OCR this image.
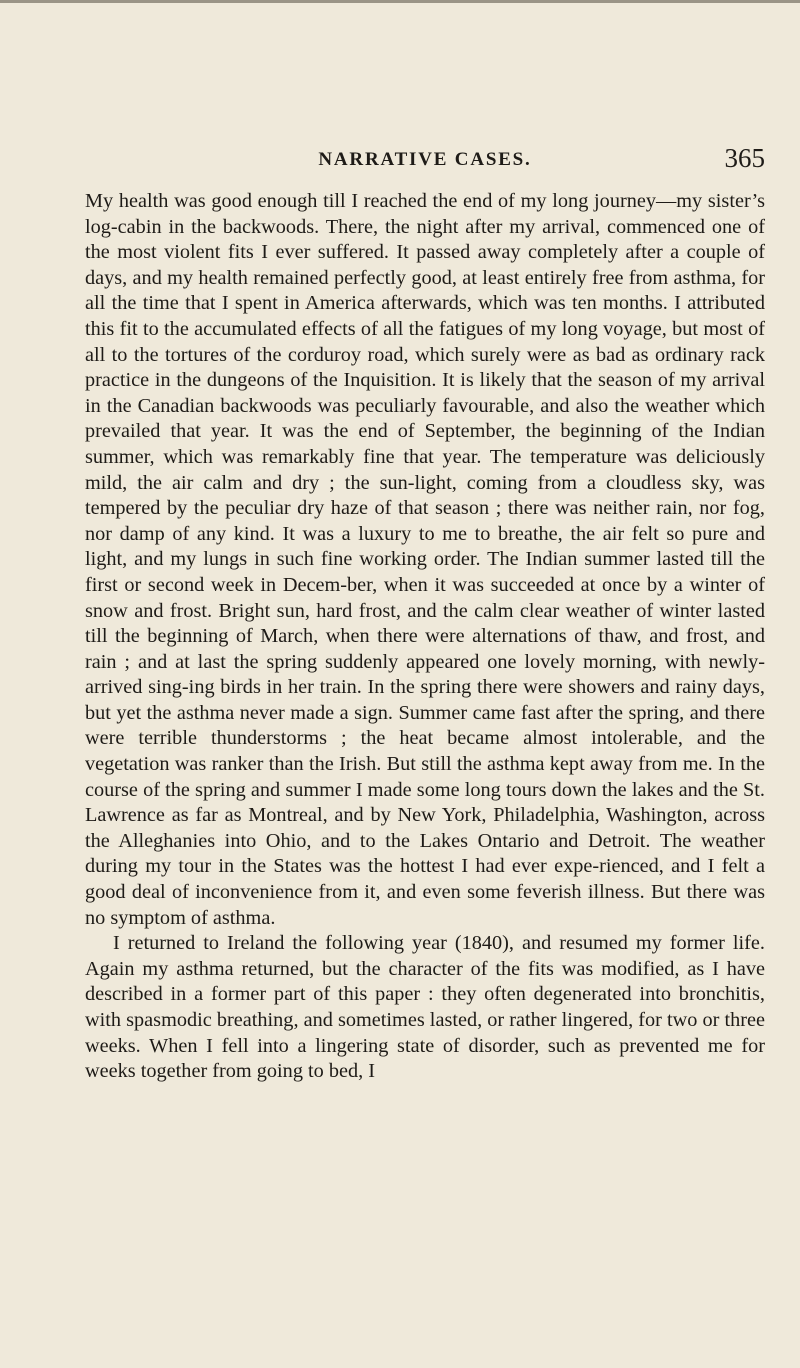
NARRATIVE CASES.	365

My health was good enough till I reached the end of my long journey—my sister’s log-cabin in the backwoods. There, the night after my arrival, commenced one of the most violent fits I ever suffered. It passed away completely after a couple of days, and my health remained perfectly good, at least entirely free from asthma, for all the time that I spent in America afterwards, which was ten months. I attributed this fit to the accumulated effects of all the fatigues of my long voyage, but most of all to the tortures of the corduroy road, which surely were as bad as ordinary rack practice in the dungeons of the Inquisition. It is likely that the season of my arrival in the Canadian backwoods was peculiarly favourable, and also the weather which prevailed that year. It was the end of September, the beginning of the Indian summer, which was remarkably fine that year. The temperature was deliciously mild, the air calm and dry ; the sun-light, coming from a cloudless sky, was tempered by the peculiar dry haze of that season ; there was neither rain, nor fog, nor damp of any kind. It was a luxury to me to breathe, the air felt so pure and light, and my lungs in such fine working order. The Indian summer lasted till the first or second week in Decem-ber, when it was succeeded at once by a winter of snow and frost. Bright sun, hard frost, and the calm clear weather of winter lasted till the beginning of March, when there were alternations of thaw, and frost, and rain ; and at last the spring suddenly appeared one lovely morning, with newly-arrived sing-ing birds in her train. In the spring there were showers and rainy days, but yet the asthma never made a sign. Summer came fast after the spring, and there were terrible thunderstorms ; the heat became almost intolerable, and the vegetation was ranker than the Irish. But still the asthma kept away from me. In the course of the spring and summer I made some long tours down the lakes and the St. Lawrence as far as Montreal, and by New York, Philadelphia, Washington, across the Alleghanies into Ohio, and to the Lakes Ontario and Detroit. The weather during my tour in the States was the hottest I had ever expe-rienced, and I felt a good deal of inconvenience from it, and even some feverish illness. But there was no symptom of asthma.

I returned to Ireland the following year (1840), and resumed my former life. Again my asthma returned, but the character of the fits was modified, as I have described in a former part of this paper : they often degenerated into bronchitis, with spasmodic breathing, and sometimes lasted, or rather lingered, for two or three weeks. When I fell into a lingering state of disorder, such as prevented me for weeks together from going to bed, I
